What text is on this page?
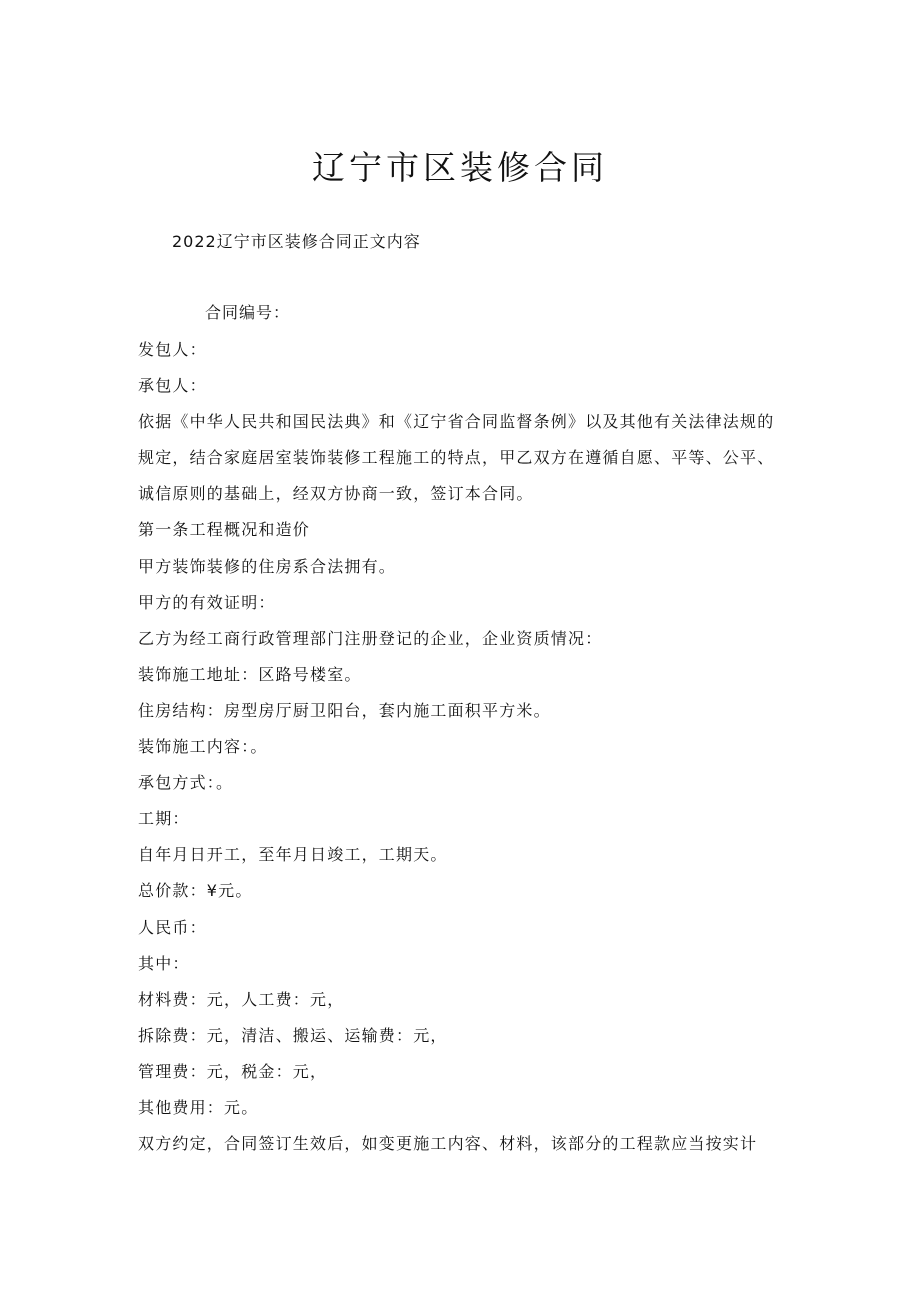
辽宁市区装修合同

2022辽宁市区装修合同正文内容

合同编号：
发包人：
承包人：
依据《中华人民共和国民法典》和《辽宁省合同监督条例》以及其他有关法律法规的
规定，结合家庭居室装饰装修工程施工的特点，甲乙双方在遵循自愿、平等、公平、
诚信原则的基础上，经双方协商一致，签订本合同。
第一条工程概况和造价
甲方装饰装修的住房系合法拥有。
甲方的有效证明：
乙方为经工商行政管理部门注册登记的企业，企业资质情况：
装饰施工地址：区路号楼室。
住房结构：房型房厅厨卫阳台，套内施工面积平方米。
装饰施工内容：。
承包方式：。
工期：
自年月日开工，至年月日竣工，工期天。
总价款：¥元。
人民币：
其中：
材料费：元，人工费：元，
拆除费：元，清洁、搬运、运输费：元，
管理费：元，税金：元，
其他费用：元。
双方约定，合同签订生效后，如变更施工内容、材料，该部分的工程款应当按实计
